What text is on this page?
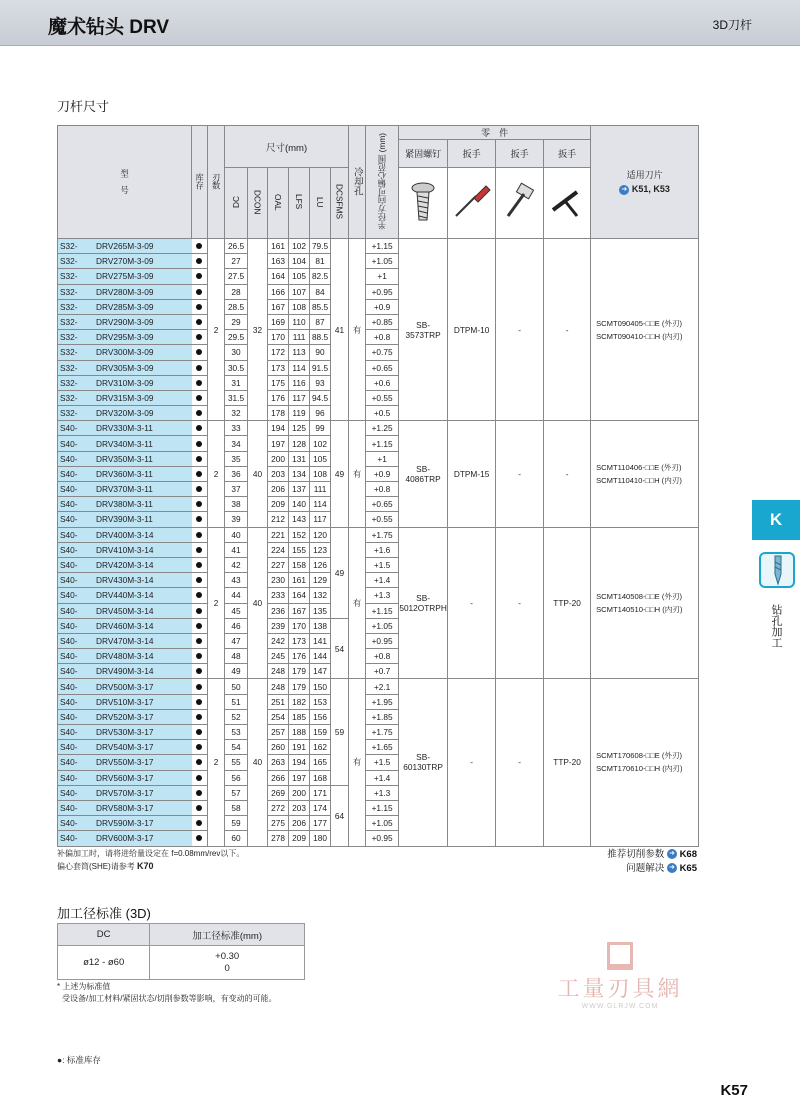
魔术钻头 DRV	3D刀杆
刀杆尺寸
型　号	库存	刃数	尺寸(mm)						冷却孔	半径方向可偏心范围 (mm)	零　件				适用刀片
➜ K51, K53

											紧固螺钉	扳手	扳手	扳手	
			DC	DCON	OAL	LFS	LU	DCSFMS				
S32- DRV265M-3-09		2	26.5	32	161	102	79.5	41	有	+1.15	SB-3573TRP	DTPM-10	-	-	SCMT090405-□□E (外刃)
SCMT090410-□□H (内刃)

S32- DRV270M-3-09			27		163	104	81			+1.05					
S32- DRV275M-3-09			27.5		164	105	82.5			+1					
S32- DRV280M-3-09			28		166	107	84			+0.95					
S32- DRV285M-3-09			28.5		167	108	85.5			+0.9					
S32- DRV290M-3-09			29		169	110	87			+0.85					
S32- DRV295M-3-09			29.5		170	111	88.5			+0.8					
S32- DRV300M-3-09			30		172	113	90			+0.75					
S32- DRV305M-3-09			30.5		173	114	91.5			+0.65					
S32- DRV310M-3-09			31		175	116	93			+0.6					
S32- DRV315M-3-09			31.5		176	117	94.5			+0.55					
S32- DRV320M-3-09			32		178	119	96			+0.5					
S40- DRV330M-3-11		2	33	40	194	125	99	49	有	+1.25	SB-4086TRP	DTPM-15	-	-	SCMT110406-□□E (外刃)
SCMT110410-□□H (内刃)

S40- DRV340M-3-11			34		197	128	102			+1.15					
S40- DRV350M-3-11			35		200	131	105			+1					
S40- DRV360M-3-11			36		203	134	108			+0.9					
S40- DRV370M-3-11			37		206	137	111			+0.8					
S40- DRV380M-3-11			38		209	140	114			+0.65					
S40- DRV390M-3-11			39		212	143	117			+0.55					
S40- DRV400M-3-14		2	40	40	221	152	120	49	有	+1.75	SB-5012OTRPH	-	-	TTP-20	SCMT140508-□□E (外刃)
SCMT140510-□□H (内刃)

S40- DRV410M-3-14			41		224	155	123			+1.6					
S40- DRV420M-3-14			42		227	158	126			+1.5					
S40- DRV430M-3-14			43		230	161	129			+1.4					
S40- DRV440M-3-14			44		233	164	132			+1.3					
S40- DRV450M-3-14			45		236	167	135			+1.15					
S40- DRV460M-3-14			46		239	170	138	54		+1.05					
S40- DRV470M-3-14			47		242	173	141			+0.95					
S40- DRV480M-3-14			48		245	176	144			+0.8					
S40- DRV490M-3-14			49		248	179	147			+0.7					
S40- DRV500M-3-17		2	50	40	248	179	150	59	有	+2.1	SB-60130TRP	-	-	TTP-20	SCMT170608-□□E (外刃)
SCMT170610-□□H (内刃)

S40- DRV510M-3-17			51		251	182	153			+1.95					
S40- DRV520M-3-17			52		254	185	156			+1.85					
S40- DRV530M-3-17			53		257	188	159			+1.75					
S40- DRV540M-3-17			54		260	191	162			+1.65					
S40- DRV550M-3-17			55		263	194	165			+1.5					
S40- DRV560M-3-17			56		266	197	168			+1.4					
S40- DRV570M-3-17			57		269	200	171	64		+1.3					
S40- DRV580M-3-17			58		272	203	174			+1.15					
S40- DRV590M-3-17			59		275	206	177			+1.05					
S40- DRV600M-3-17			60		278	209	180			+0.95					
补偏加工时，请将进给量设定在 f=0.08mm/rev以下。
偏心套筒(SHE)请参考 K70
推荐切削参数 ➜ K68
问题解决 ➜ K65
加工径标准 (3D)
DC	加工径标准(mm)
ø12 - ø60	+0.30
0
* 上述为标准值
受设备/加工材料/紧固状态/切削参数等影响，有变动的可能。
K
钻孔加工
工量刃具網
WWW.GLRJW.COM
●: 标准库存
K57
